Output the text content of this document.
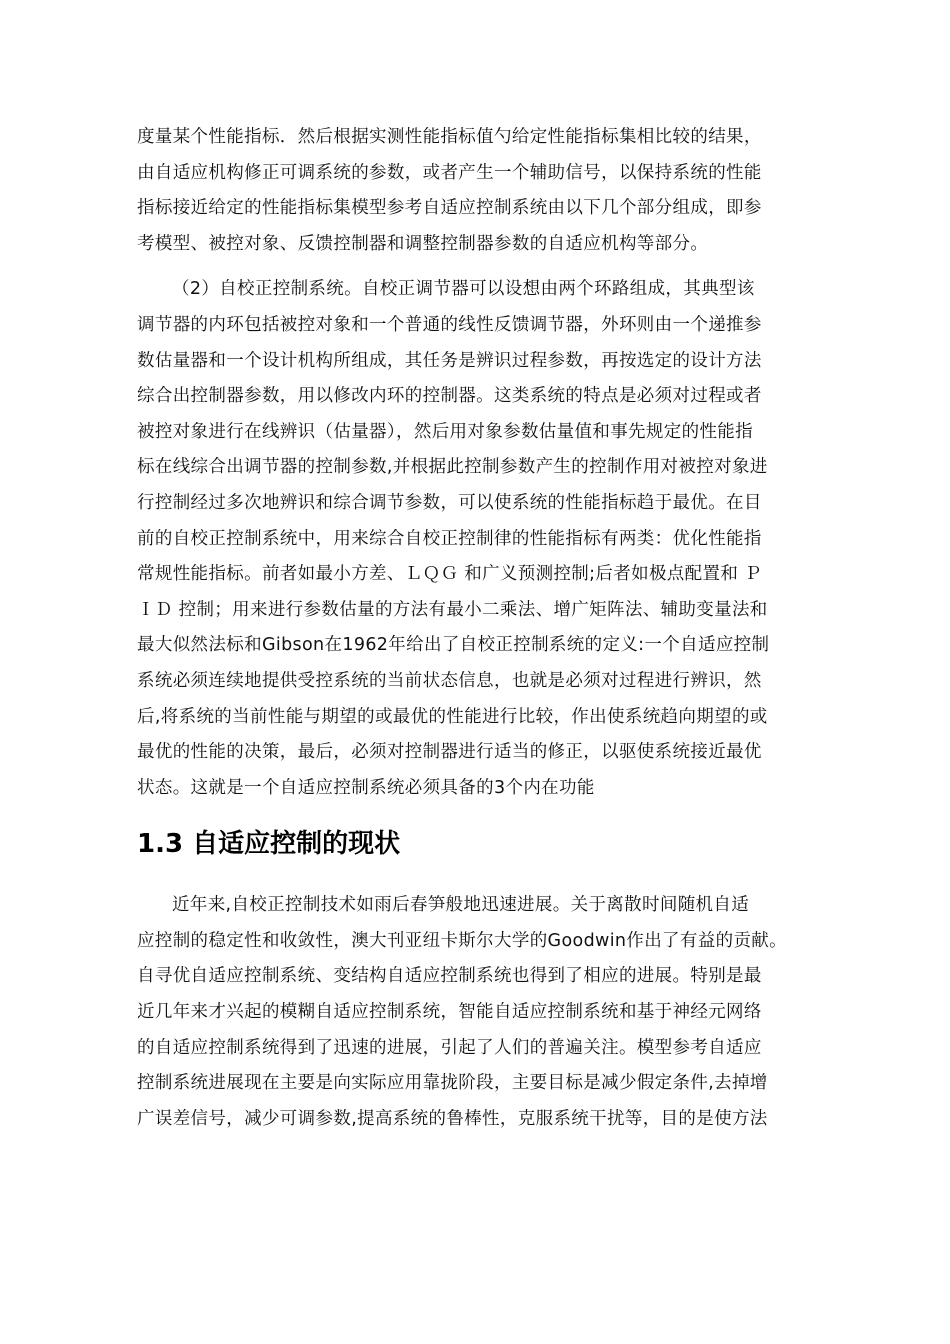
度量某个性能指标．然后根据实测性能指标值勺给定性能指标集相比较的结果，
由自适应机构修正可调系统的参数，或者产生一个辅助信号，以保持系统的性能
指标接近给定的性能指标集模型参考自适应控制系统由以下几个部分组成，即参
考模型、被控对象、反馈控制器和调整控制器参数的自适应机构等部分。

（2）自校正控制系统。自校正调节器可以设想由两个环路组成，其典型该
调节器的内环包括被控对象和一个普通的线性反馈调节器，外环则由一个递推参
数估量器和一个设计机构所组成，其任务是辨识过程参数，再按选定的设计方法
综合出控制器参数，用以修改内环的控制器。这类系统的特点是必须对过程或者
被控对象进行在线辨识（估量器），然后用对象参数估量值和事先规定的性能指
标在线综合出调节器的控制参数,并根据此控制参数产生的控制作用对被控对象进
行控制经过多次地辨识和综合调节参数，可以使系统的性能指标趋于最优。在目
前的自校正控制系统中，用来综合自校正控制律的性能指标有两类：优化性能指
常规性能指标。前者如最小方差、ＬＱＧ 和广义预测控制;后者如极点配置和 Ｐ
ＩＤ 控制；用来进行参数估量的方法有最小二乘法、增广矩阵法、辅助变量法和
最大似然法标和Gibson在1962年给出了自校正控制系统的定义:一个自适应控制
系统必须连续地提供受控系统的当前状态信息，也就是必须对过程进行辨识，然
后,将系统的当前性能与期望的或最优的性能进行比较，作出使系统趋向期望的或
最优的性能的决策，最后，必须对控制器进行适当的修正，以驱使系统接近最优
状态。这就是一个自适应控制系统必须具备的3个内在功能

1.3 自适应控制的现状

近年来,自校正控制技术如雨后春笋般地迅速进展。关于离散时间随机自适
应控制的稳定性和收敛性，澳大刊亚纽卡斯尔大学的Goodwin作出了有益的贡献。
自寻优自适应控制系统、变结构自适应控制系统也得到了相应的进展。特别是最
近几年来才兴起的模糊自适应控制系统，智能自适应控制系统和基于神经元网络
的自适应控制系统得到了迅速的进展，引起了人们的普遍关注。模型参考自适应
控制系统进展现在主要是向实际应用靠拢阶段，主要目标是减少假定条件,去掉增
广误差信号，减少可调参数,提高系统的鲁棒性，克服系统干扰等，目的是使方法
